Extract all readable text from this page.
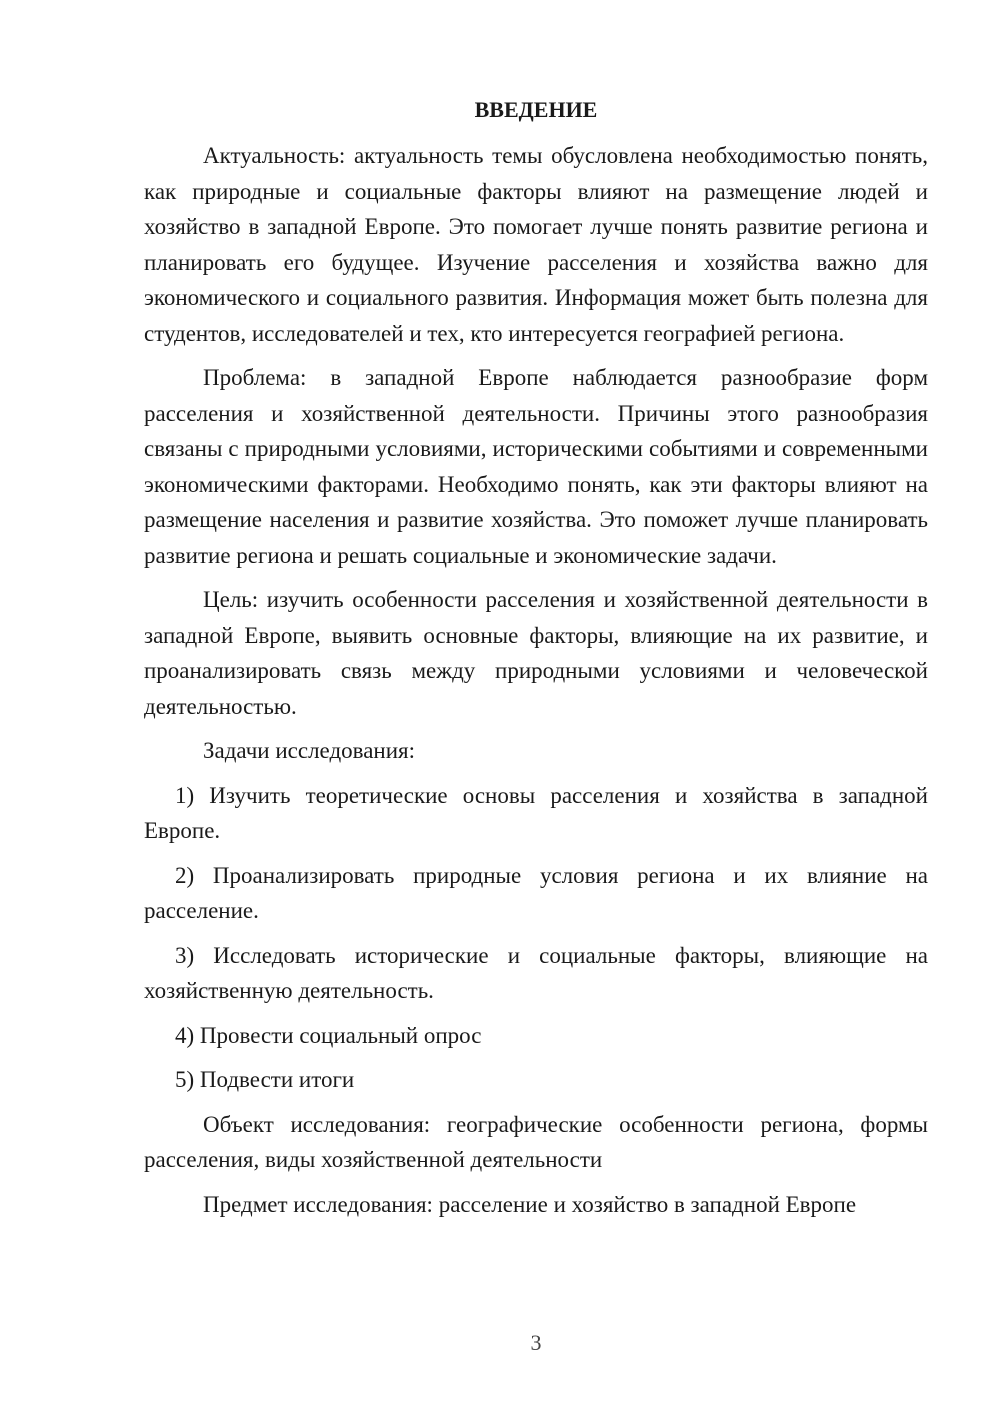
ВВЕДЕНИЕ

Актуальность: актуальность темы обусловлена необходимостью понять, как природные и социальные факторы влияют на размещение людей и хозяйство в западной Европе. Это помогает лучше понять развитие региона и планировать его будущее. Изучение расселения и хозяйства важно для экономического и социального развития. Информация может быть полезна для студентов, исследователей и тех, кто интересуется географией региона.

Проблема: в западной Европе наблюдается разнообразие форм расселения и хозяйственной деятельности. Причины этого разнообразия связаны с природными условиями, историческими событиями и современными экономическими факторами. Необходимо понять, как эти факторы влияют на размещение населения и развитие хозяйства. Это поможет лучше планировать развитие региона и решать социальные и экономические задачи.

Цель: изучить особенности расселения и хозяйственной деятельности в западной Европе, выявить основные факторы, влияющие на их развитие, и проанализировать связь между природными условиями и человеческой деятельностью.

Задачи исследования:

1) Изучить теоретические основы расселения и хозяйства в западной Европе.

2) Проанализировать природные условия региона и их влияние на расселение.

3) Исследовать исторические и социальные факторы, влияющие на хозяйственную деятельность.

4) Провести социальный опрос

5) Подвести итоги

Объект исследования: географические особенности региона, формы расселения, виды хозяйственной деятельности

Предмет исследования: расселение и хозяйство в западной Европе

3
